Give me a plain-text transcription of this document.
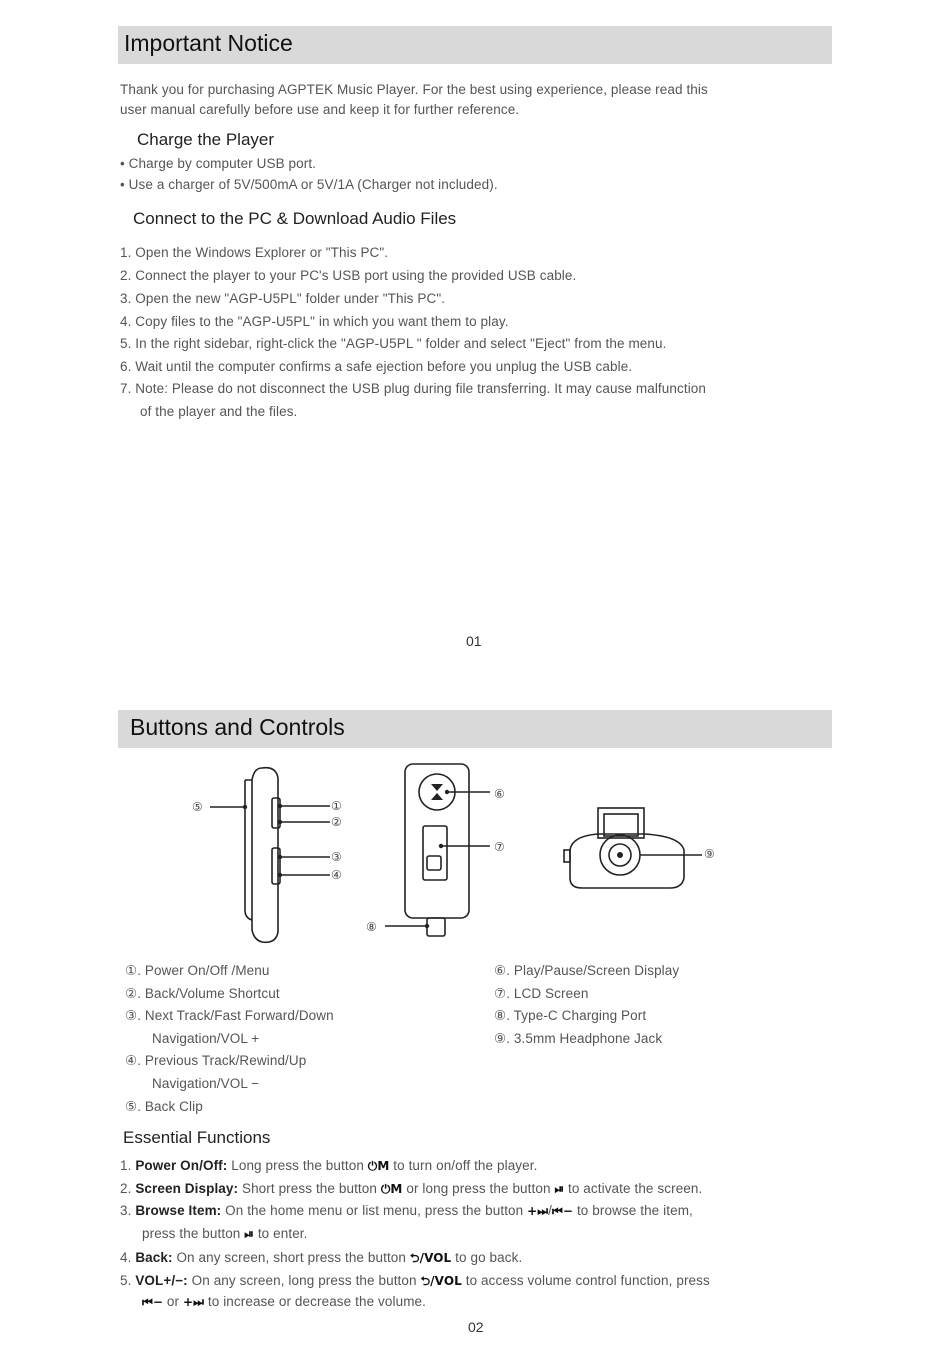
Important Notice
Thank you for purchasing AGPTEK Music Player. For the best using experience, please read this
user manual carefully before use and keep it for further reference.
Charge the Player
• Charge by computer USB port.
• Use a charger of 5V/500mA or 5V/1A (Charger not included).
Connect to the PC & Download Audio Files
1. Open the Windows Explorer or "This PC".
2. Connect the player to your PC's USB port using the provided USB cable.
3. Open the new "AGP-U5PL" folder under "This PC".
4. Copy files to the "AGP-U5PL" in which you want them to play.
5. In the right sidebar, right-click the "AGP-U5PL " folder and select "Eject" from the menu.
6. Wait until the computer confirms a safe ejection before you unplug the USB cable.
7. Note: Please do not disconnect the USB plug during file transferring. It may cause malfunction
of the player and the files.
01
Buttons and Controls
⑤	①
②
③
④
⑥
⑦
⑧
⑨
①. Power On/Off /Menu
②. Back/Volume Shortcut
③. Next Track/Fast Forward/Down
Navigation/VOL +
④. Previous Track/Rewind/Up
Navigation/VOL −
⑤. Back Clip
⑥. Play/Pause/Screen Display
⑦. LCD Screen
⑧. Type-C Charging Port
⑨. 3.5mm Headphone Jack
Essential Functions
1. Power On/Off: Long press the button ⏻M to turn on/off the player.
2. Screen Display: Short press the button ⏻M or long press the button ⏯ to activate the screen.
3. Browse Item: On the home menu or list menu, press the button +⏭/⏮− to browse the item,
press the button ⏯ to enter.
4. Back: On any screen, short press the button ⮌/VOL to go back.
5. VOL+/−: On any screen, long press the button ⮌/VOL to access volume control function, press
⏮− or +⏭ to increase or decrease the volume.
02
